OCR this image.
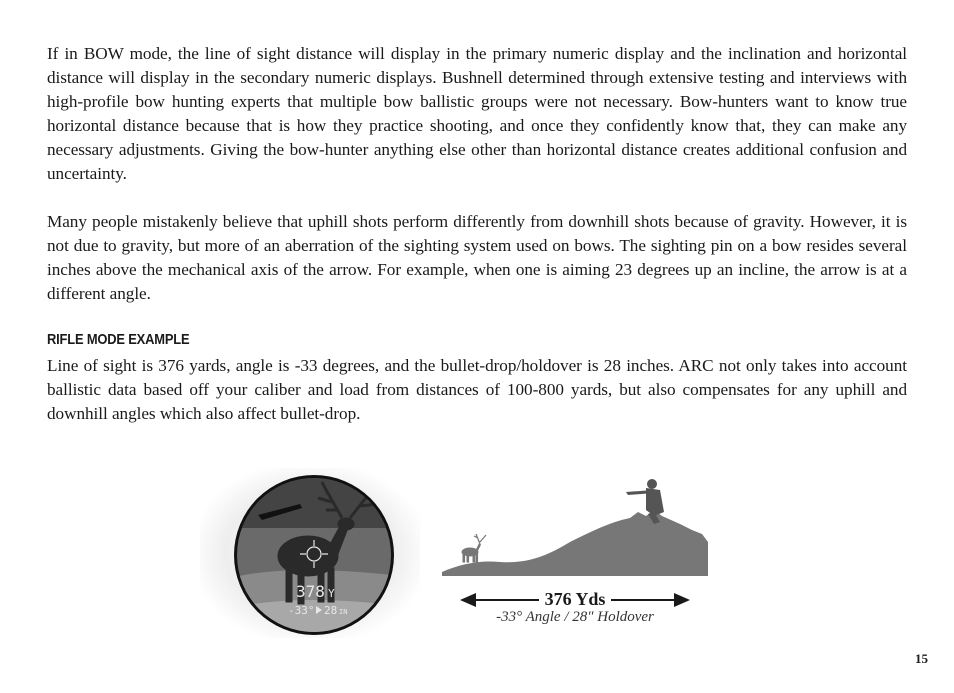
If in BOW mode, the line of sight distance will display in the primary numeric display and the inclination and horizontal distance will display in the secondary numeric displays. Bushnell determined through extensive testing and interviews with high-profile bow hunting experts that multiple bow ballistic groups were not necessary. Bow-hunters want to know true horizontal distance because that is how they practice shooting, and once they confidently know that, they can make any necessary adjustments. Giving the bow-hunter anything else other than horizontal distance creates additional confusion and uncertainty.

Many people mistakenly believe that uphill shots perform differently from downhill shots because of gravity. However, it is not due to gravity, but more of an aberration of the sighting system used on bows. The sighting pin on a bow resides several inches above the mechanical axis of the arrow. For example, when one is aiming 23 degrees up an incline, the arrow is at a different angle.

RIFLE MODE EXAMPLE

Line of sight is 376 yards, angle is -33 degrees, and the bullet-drop/holdover is 28 inches. ARC not only takes into account ballistic data based off your caliber and load from distances of 100-800 yards, but also compensates for any uphill and downhill angles which also affect bullet-drop.

378 Y
-33° 28 IN
376 Yds
-33° Angle / 28″ Holdover
15
